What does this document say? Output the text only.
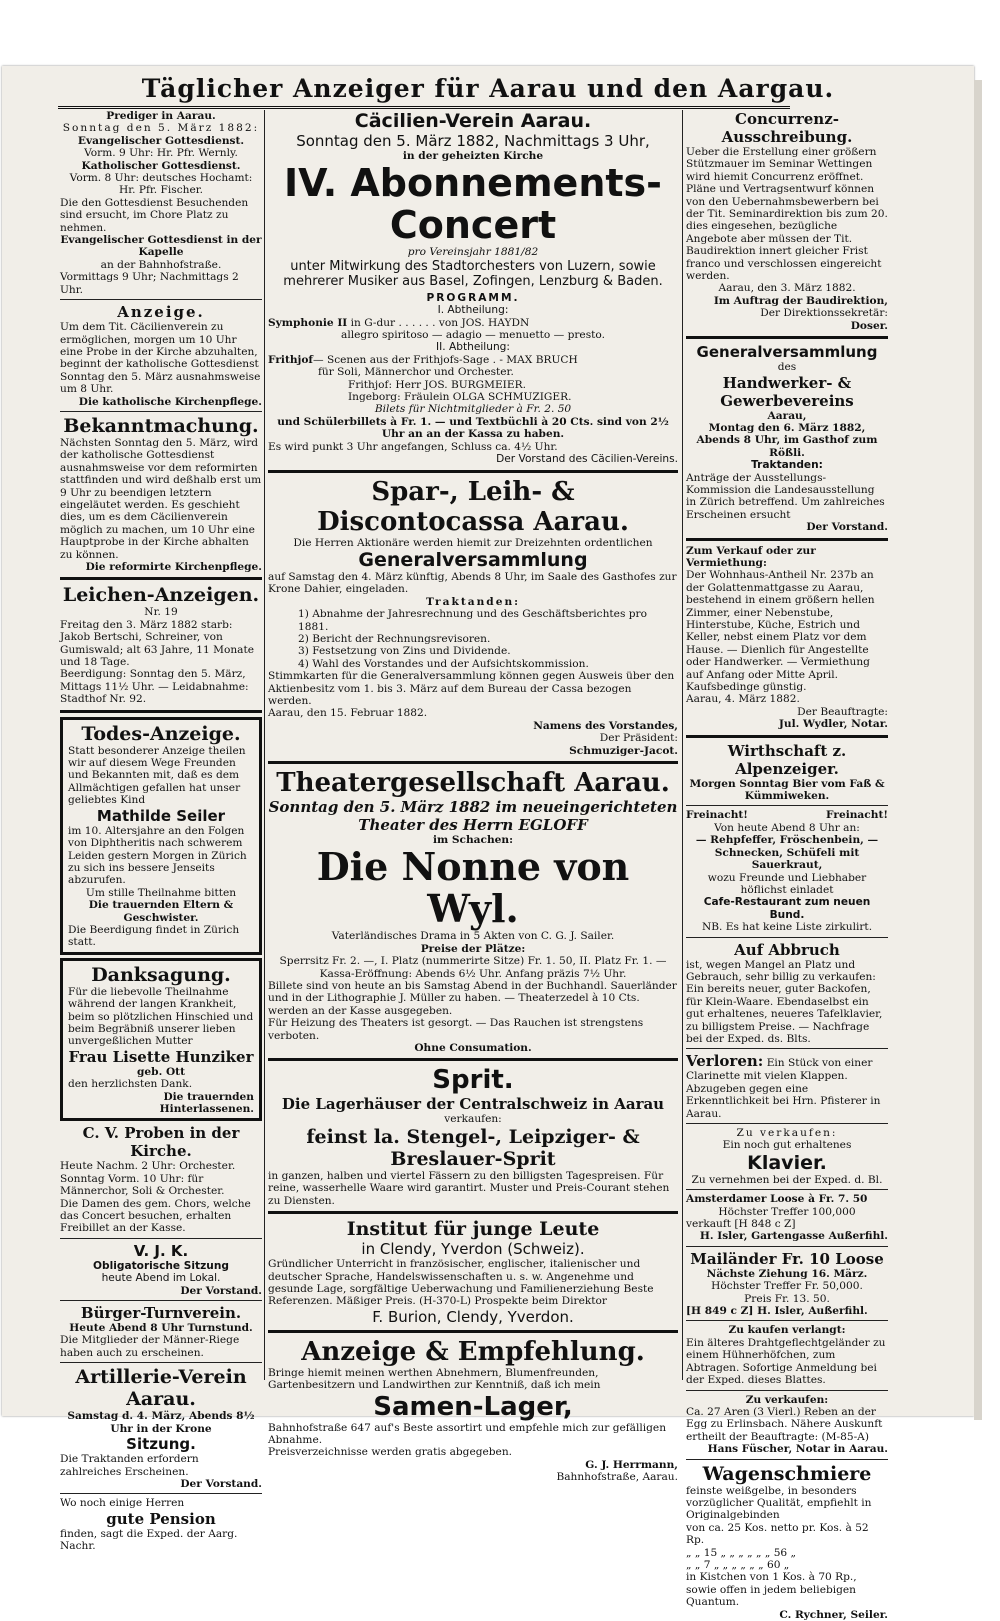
Täglicher Anzeiger für Aarau und den Aargau.

Prediger in Aarau.

Sonntag den 5. März 1882:

Evangelischer Gottesdienst.

Vorm. 9 Uhr: Hr. Pfr. Wernly.

Katholischer Gottesdienst.

Vorm. 8 Uhr: deutsches Hochamt: Hr. Pfr. Fischer.

Die den Gottesdienst Besuchenden sind ersucht, im Chore Platz zu nehmen.

Evangelischer Gottesdienst in der Kapelle

an der Bahnhofstraße.

Vormittags 9 Uhr; Nachmittags 2 Uhr.

Anzeige.

Um dem Tit. Cäcilienverein zu ermöglichen, morgen um 10 Uhr eine Probe in der Kirche abzuhalten, beginnt der katholische Gottesdienst Sonntag den 5. März ausnahmsweise um 8 Uhr.

Die katholische Kirchenpflege.

Bekanntmachung.

Nächsten Sonntag den 5. März, wird der katholische Gottesdienst ausnahmsweise vor dem reformirten stattfinden und wird deßhalb erst um 9 Uhr zu beendigen letztern eingeläutet werden. Es geschieht dies, um es dem Cäcilienverein möglich zu machen, um 10 Uhr eine Hauptprobe in der Kirche abhalten zu können.

Die reformirte Kirchenpflege.

Leichen-Anzeigen.

Nr. 19

Freitag den 3. März 1882 starb: Jakob Bertschi, Schreiner, von Gumiswald; alt 63 Jahre, 11 Monate und 18 Tage.

Beerdigung: Sonntag den 5. März, Mittags 11½ Uhr. — Leidabnahme: Stadthof Nr. 92.

Todes-Anzeige.

Statt besonderer Anzeige theilen wir auf diesem Wege Freunden und Bekannten mit, daß es dem Allmächtigen gefallen hat unser geliebtes Kind

Mathilde Seiler

im 10. Altersjahre an den Folgen von Diphtheritis nach schwerem Leiden gestern Morgen in Zürich zu sich ins bessere Jenseits abzurufen.

Um stille Theilnahme bitten

Die trauernden Eltern & Geschwister.

Die Beerdigung findet in Zürich statt.

Danksagung.

Für die liebevolle Theilnahme während der langen Krankheit, beim so plötzlichen Hinschied und beim Begräbniß unserer lieben unvergeßlichen Mutter

Frau Lisette Hunziker

geb. Ott

den herzlichsten Dank.

Die trauernden Hinterlassenen.

C. V. Proben in der Kirche.

Heute Nachm. 2 Uhr: Orchester. Sonntag Vorm. 10 Uhr: für Männerchor, Soli & Orchester.

Die Damen des gem. Chors, welche das Concert besuchen, erhalten Freibillet an der Kasse.

V. J. K.

Obligatorische Sitzung

heute Abend im Lokal.

Der Vorstand.

Bürger-Turnverein.

Heute Abend 8 Uhr Turnstund.

Die Mitglieder der Männer-Riege haben auch zu erscheinen.

Artillerie-Verein Aarau.

Samstag d. 4. März, Abends 8½ Uhr in der Krone

Sitzung.

Die Traktanden erfordern zahlreiches Erscheinen.

Der Vorstand.

Wo noch einige Herren

gute Pension

finden, sagt die Exped. der Aarg. Nachr.

Cäcilien-Verein Aarau.

Sonntag den 5. März 1882, Nachmittags 3 Uhr,

in der geheizten Kirche

IV. Abonnements-Concert

pro Vereinsjahr 1881/82

unter Mitwirkung des Stadtorchesters von Luzern, sowie mehrerer Musiker aus Basel, Zofingen, Lenzburg & Baden.

PROGRAMM.

I. Abtheilung:

Symphonie II in G-dur . . . . . . von JOS. HAYDN

allegro spiritoso — adagio — menuetto — presto.

II. Abtheilung:

Frithjof— Scenen aus der Frithjofs-Sage . - MAX BRUCH

für Soli, Männerchor und Orchester.

Frithjof: Herr JOS. BURGMEIER.

Ingeborg: Fräulein OLGA SCHMUZIGER.

Bilets für Nichtmitglieder à Fr. 2. 50

und Schülerbillets à Fr. 1. — und Textbüchli à 20 Cts. sind von 2½ Uhr an an der Kassa zu haben.

Es wird punkt 3 Uhr angefangen, Schluss ca. 4½ Uhr.

Der Vorstand des Cäcilien-Vereins.

Spar-, Leih- & Discontocassa Aarau.

Die Herren Aktionäre werden hiemit zur Dreizehnten ordentlichen

Generalversammlung

auf Samstag den 4. März künftig, Abends 8 Uhr, im Saale des Gasthofes zur Krone Dahier, eingeladen.

Traktanden:

1) Abnahme der Jahresrechnung und des Geschäftsberichtes pro 1881.

2) Bericht der Rechnungsrevisoren.

3) Festsetzung von Zins und Dividende.

4) Wahl des Vorstandes und der Aufsichtskommission.

Stimmkarten für die Generalversammlung können gegen Ausweis über den Aktienbesitz vom 1. bis 3. März auf dem Bureau der Cassa bezogen werden.

Aarau, den 15. Februar 1882.

Namens des Vorstandes,

Der Präsident:

Schmuziger-Jacot.

Theatergesellschaft Aarau.

Sonntag den 5. März 1882 im neueingerichteten Theater des Herrn EGLOFF

im Schachen:

Die Nonne von Wyl.

Vaterländisches Drama in 5 Akten von C. G. J. Sailer.

Preise der Plätze:

Sperrsitz Fr. 2. —, I. Platz (nummerirte Sitze) Fr. 1. 50, II. Platz Fr. 1. —

Kassa-Eröffnung: Abends 6½ Uhr. Anfang präzis 7½ Uhr.

Billete sind von heute an bis Samstag Abend in der Buchhandl. Sauerländer und in der Lithographie J. Müller zu haben. — Theaterzedel à 10 Cts. werden an der Kasse ausgegeben.

Für Heizung des Theaters ist gesorgt. — Das Rauchen ist strengstens verboten.

Ohne Consumation.

Sprit.

Die Lagerhäuser der Centralschweiz in Aarau

verkaufen:

feinst la. Stengel-, Leipziger- & Breslauer-Sprit

in ganzen, halben und viertel Fässern zu den billigsten Tagespreisen. Für reine, wasserhelle Waare wird garantirt. Muster und Preis-Courant stehen zu Diensten.

Institut für junge Leute

in Clendy, Yverdon (Schweiz).

Gründlicher Unterricht in französischer, englischer, italienischer und deutscher Sprache, Handelswissenschaften u. s. w. Angenehme und gesunde Lage, sorgfältige Ueberwachung und Familienerziehung Beste Referenzen. Mäßiger Preis. (H-370-L) Prospekte beim Direktor

F. Burion, Clendy, Yverdon.

Anzeige & Empfehlung.

Bringe hiemit meinen werthen Abnehmern, Blumenfreunden, Gartenbesitzern und Landwirthen zur Kenntniß, daß ich mein

Samen-Lager,

Bahnhofstraße 647 auf's Beste assortirt und empfehle mich zur gefälligen Abnahme.

Preisverzeichnisse werden gratis abgegeben.

G. J. Herrmann,

Bahnhofstraße, Aarau.

Concurrenz-Ausschreibung.

Ueber die Erstellung einer größern Stützmauer im Seminar Wettingen wird hiemit Concurrenz eröffnet. Pläne und Vertragsentwurf können von den Uebernahmsbewerbern bei der Tit. Seminardirektion bis zum 20. dies eingesehen, bezügliche Angebote aber müssen der Tit. Baudirektion innert gleicher Frist franco und verschlossen eingereicht werden.

Aarau, den 3. März 1882.

Im Auftrag der Baudirektion,

Der Direktionssekretär:

Doser.

Generalversammlung

des

Handwerker- & Gewerbevereins

Aarau,

Montag den 6. März 1882, Abends 8 Uhr, im Gasthof zum Rößli.

Traktanden:

Anträge der Ausstellungs-Kommission die Landesausstellung in Zürich betreffend. Um zahlreiches Erscheinen ersucht

Der Vorstand.

Zum Verkauf oder zur Vermiethung:

Der Wohnhaus-Antheil Nr. 237b an der Golattenmattgasse zu Aarau, bestehend in einem größern hellen Zimmer, einer Nebenstube, Hinterstube, Küche, Estrich und Keller, nebst einem Platz vor dem Hause. — Dienlich für Angestellte oder Handwerker. — Vermiethung auf Anfang oder Mitte April. Kaufsbedinge günstig.

Aarau, 4. März 1882.

Der Beauftragte:

Jul. Wydler, Notar.

Wirthschaft z. Alpenzeiger.

Morgen Sonntag Bier vom Faß & Kümmiweken.

Freinacht!	Freinacht!

Von heute Abend 8 Uhr an:

— Rehpfeffer, Fröschenbein, —

Schnecken, Schüfeli mit Sauerkraut,

wozu Freunde und Liebhaber höflichst einladet

Cafe-Restaurant zum neuen Bund.

NB. Es hat keine Liste zirkulirt.

Auf Abbruch

ist, wegen Mangel an Platz und Gebrauch, sehr billig zu verkaufen: Ein bereits neuer, guter Backofen, für Klein-Waare. Ebendaselbst ein gut erhaltenes, neueres Tafelklavier, zu billigstem Preise. — Nachfrage bei der Exped. ds. Blts.

Verloren: Ein Stück von einer Clarinette mit vielen Klappen. Abzugeben gegen eine Erkenntlichkeit bei Hrn. Pfisterer in Aarau.

Zu verkaufen:

Ein noch gut erhaltenes

Klavier.

Zu vernehmen bei der Exped. d. Bl.

Amsterdamer Loose à Fr. 7. 50

Höchster Treffer 100,000

verkauft [H 848 c Z]

H. Isler, Gartengasse Außerfihl.

Mailänder Fr. 10 Loose

Nächste Ziehung 16. März.

Höchster Treffer Fr. 50,000.

Preis Fr. 13. 50.

[H 849 c Z] H. Isler, Außerfihl.

Zu kaufen verlangt:

Ein älteres Drahtgeflechtgeländer zu einem Hühnerhöfchen, zum Abtragen. Sofortige Anmeldung bei der Exped. dieses Blattes.

Zu verkaufen:

Ca. 27 Aren (3 Vierl.) Reben an der Egg zu Erlinsbach. Nähere Auskunft ertheilt der Beauftragte: (M-85-A)

Hans Füscher, Notar in Aarau.

Wagenschmiere

feinste weißgelbe, in besonders vorzüglicher Qualität, empfiehlt in Originalgebinden

von ca. 25 Kos. netto pr. Kos. à 52 Rp.

„ „ 15 „ „ „ „ „ „ 56 „

„ „ 7 „ „ „ „ „ „ 60 „

in Kistchen von 1 Kos. à 70 Rp., sowie offen in jedem beliebigen Quantum.

C. Rychner, Seiler.
